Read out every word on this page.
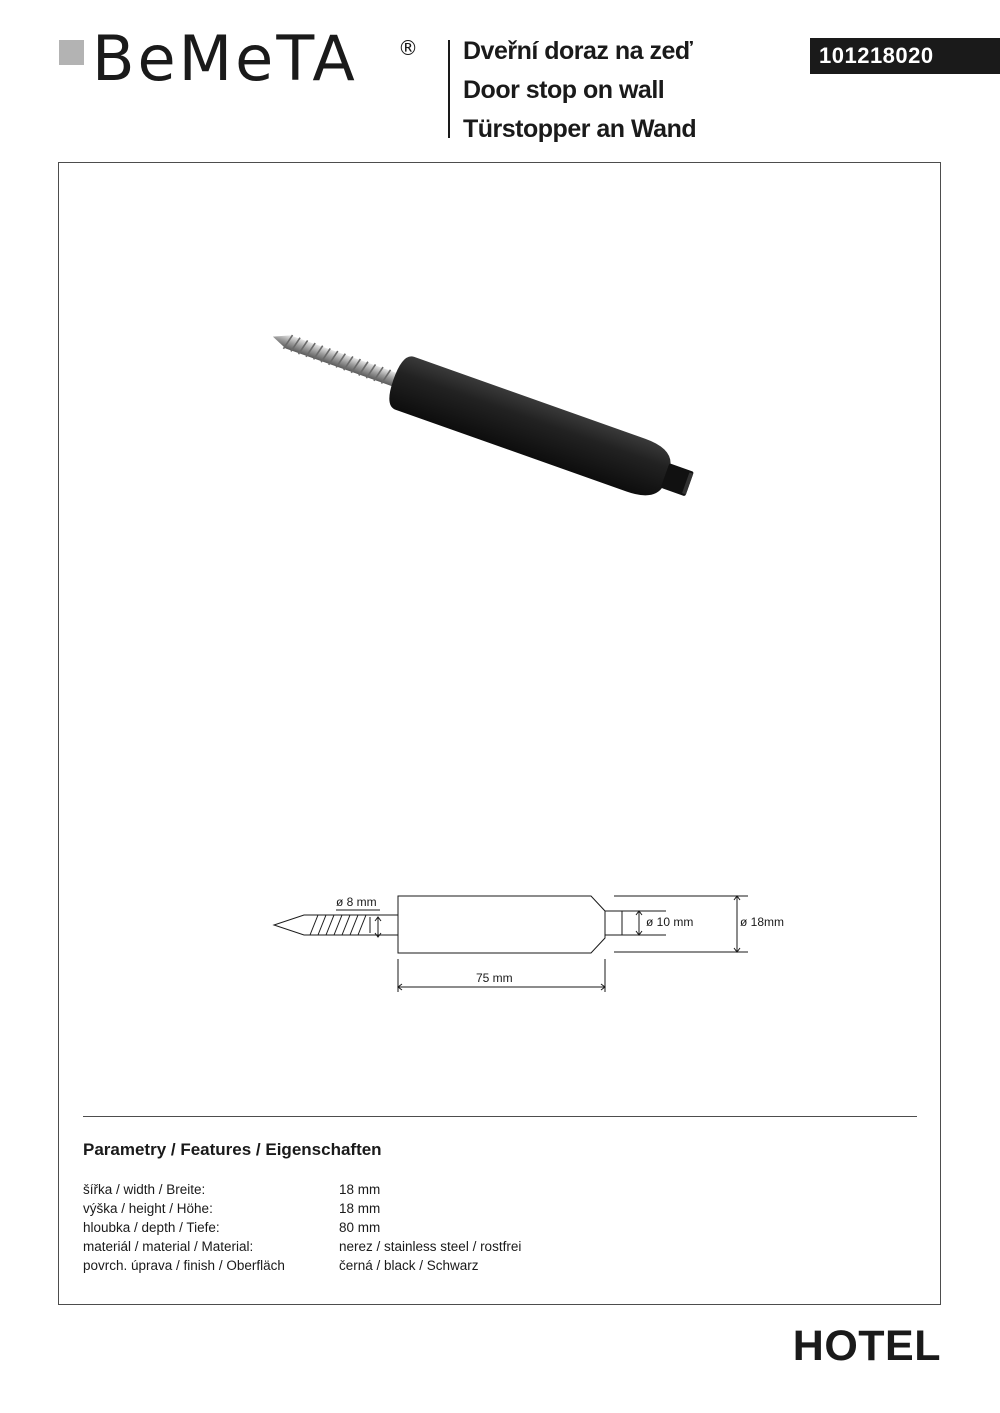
BeMeTA ® Dveřní doraz na zeď
Door stop on wall
Türstopper an Wand
101218020
ø 8 mm
ø 10 mm	ø 18mm
75 mm
Parametry / Features / Eigenschaften
šířka / width / Breite:	18 mm
výška / height / Höhe:	18 mm
hloubka / depth / Tiefe:	80 mm
materiál / material / Material:	nerez / stainless steel / rostfrei
povrch. úprava / finish / Oberfläch	černá / black / Schwarz
HOTEL
